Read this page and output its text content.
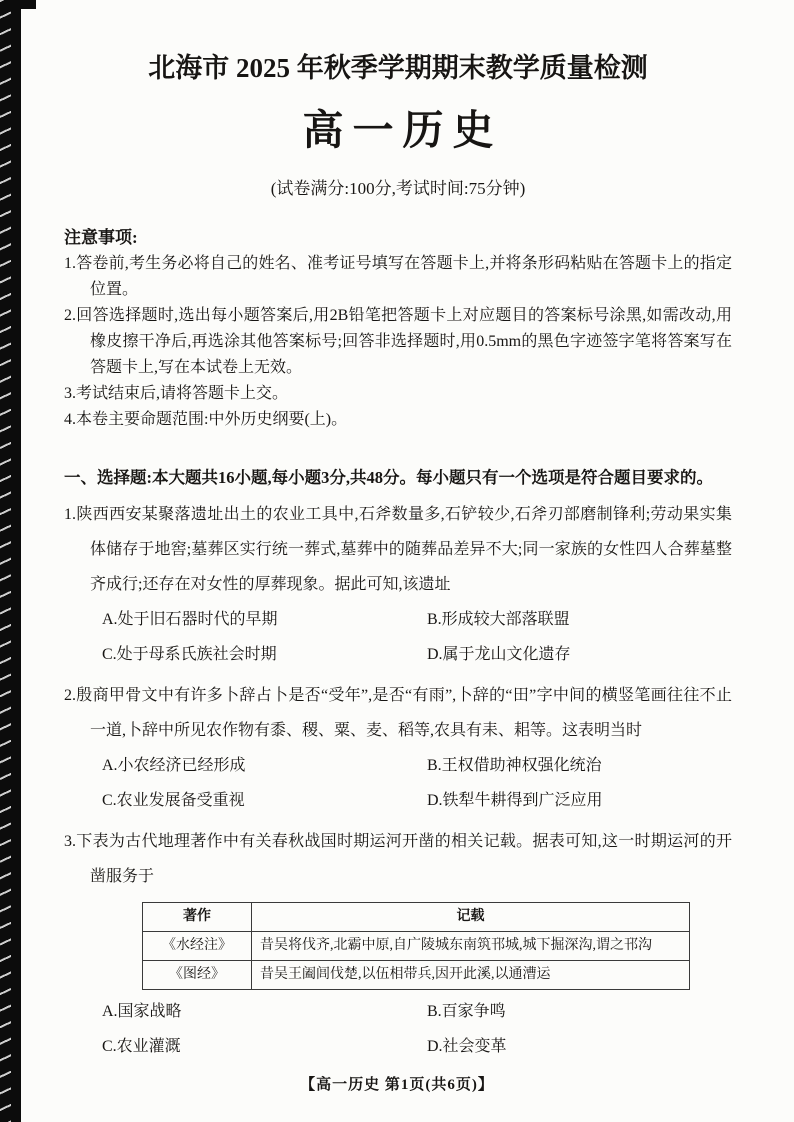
北海市 2025 年秋季学期期末教学质量检测
高一历史
(试卷满分:100分,考试时间:75分钟)
注意事项:

1.答卷前,考生务必将自己的姓名、准考证号填写在答题卡上,并将条形码粘贴在答题卡上的指定位置。

2.回答选择题时,选出每小题答案后,用2B铅笔把答题卡上对应题目的答案标号涂黑,如需改动,用橡皮擦干净后,再选涂其他答案标号;回答非选择题时,用0.5mm的黑色字迹签字笔将答案写在答题卡上,写在本试卷上无效。

3.考试结束后,请将答题卡上交。

4.本卷主要命题范围:中外历史纲要(上)。

一、选择题:本大题共16小题,每小题3分,共48分。每小题只有一个选项是符合题目要求的。

1.陕西西安某聚落遗址出土的农业工具中,石斧数量多,石铲较少,石斧刃部磨制锋利;劳动果实集体储存于地窖;墓葬区实行统一葬式,墓葬中的随葬品差异不大;同一家族的女性四人合葬墓整齐成行;还存在对女性的厚葬现象。据此可知,该遗址

A.处于旧石器时代的早期	B.形成较大部落联盟
C.处于母系氏族社会时期	D.属于龙山文化遗存

2.殷商甲骨文中有许多卜辞占卜是否“受年”,是否“有雨”,卜辞的“田”字中间的横竖笔画往往不止一道,卜辞中所见农作物有黍、稷、粟、麦、稻等,农具有耒、耜等。这表明当时

A.小农经济已经形成	B.王权借助神权强化统治
C.农业发展备受重视	D.铁犁牛耕得到广泛应用

3.下表为古代地理著作中有关春秋战国时期运河开凿的相关记载。据表可知,这一时期运河的开凿服务于

著作	记载
《水经注》	昔吴将伐齐,北霸中原,自广陵城东南筑邗城,城下掘深沟,谓之邗沟
《图经》	昔吴王阖闾伐楚,以伍相带兵,因开此溪,以通漕运
A.国家战略	B.百家争鸣
C.农业灌溉	D.社会变革
【高一历史 第1页(共6页)】
